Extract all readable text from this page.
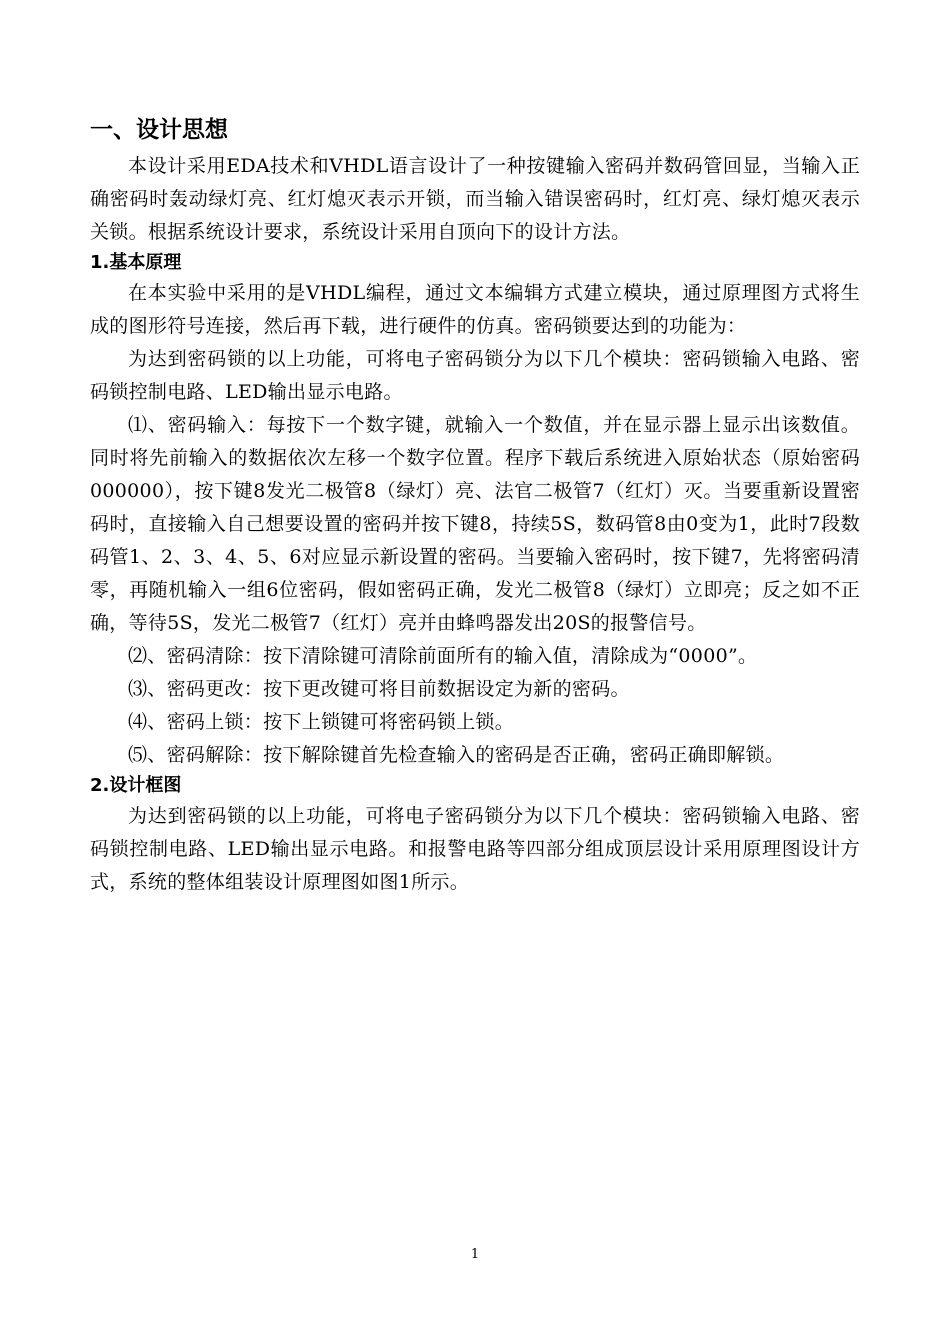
一、设计思想

本设计采用EDA技术和VHDL语言设计了一种按键输入密码并数码管回显，当输入正确密码时轰动绿灯亮、红灯熄灭表示开锁，而当输入错误密码时，红灯亮、绿灯熄灭表示关锁。根据系统设计要求，系统设计采用自顶向下的设计方法。

1.基本原理

在本实验中采用的是VHDL编程，通过文本编辑方式建立模块，通过原理图方式将生成的图形符号连接，然后再下载，进行硬件的仿真。密码锁要达到的功能为：

为达到密码锁的以上功能，可将电子密码锁分为以下几个模块：密码锁输入电路、密码锁控制电路、LED输出显示电路。

⑴、密码输入：每按下一个数字键，就输入一个数值，并在显示器上显示出该数值。同时将先前输入的数据依次左移一个数字位置。程序下载后系统进入原始状态（原始密码000000），按下键8发光二极管8（绿灯）亮、法官二极管7（红灯）灭。当要重新设置密码时，直接输入自己想要设置的密码并按下键8，持续5S，数码管8由0变为1，此时7段数码管1、2、3、4、5、6对应显示新设置的密码。当要输入密码时，按下键7，先将密码清零，再随机输入一组6位密码，假如密码正确，发光二极管8（绿灯）立即亮；反之如不正确，等待5S，发光二极管7（红灯）亮并由蜂鸣器发出20S的报警信号。

⑵、密码清除：按下清除键可清除前面所有的输入值，清除成为“0000”。

⑶、密码更改：按下更改键可将目前数据设定为新的密码。

⑷、密码上锁：按下上锁键可将密码锁上锁。

⑸、密码解除：按下解除键首先检查输入的密码是否正确，密码正确即解锁。

2.设计框图

为达到密码锁的以上功能，可将电子密码锁分为以下几个模块：密码锁输入电路、密码锁控制电路、LED输出显示电路。和报警电路等四部分组成顶层设计采用原理图设计方式，系统的整体组装设计原理图如图1所示。

1
